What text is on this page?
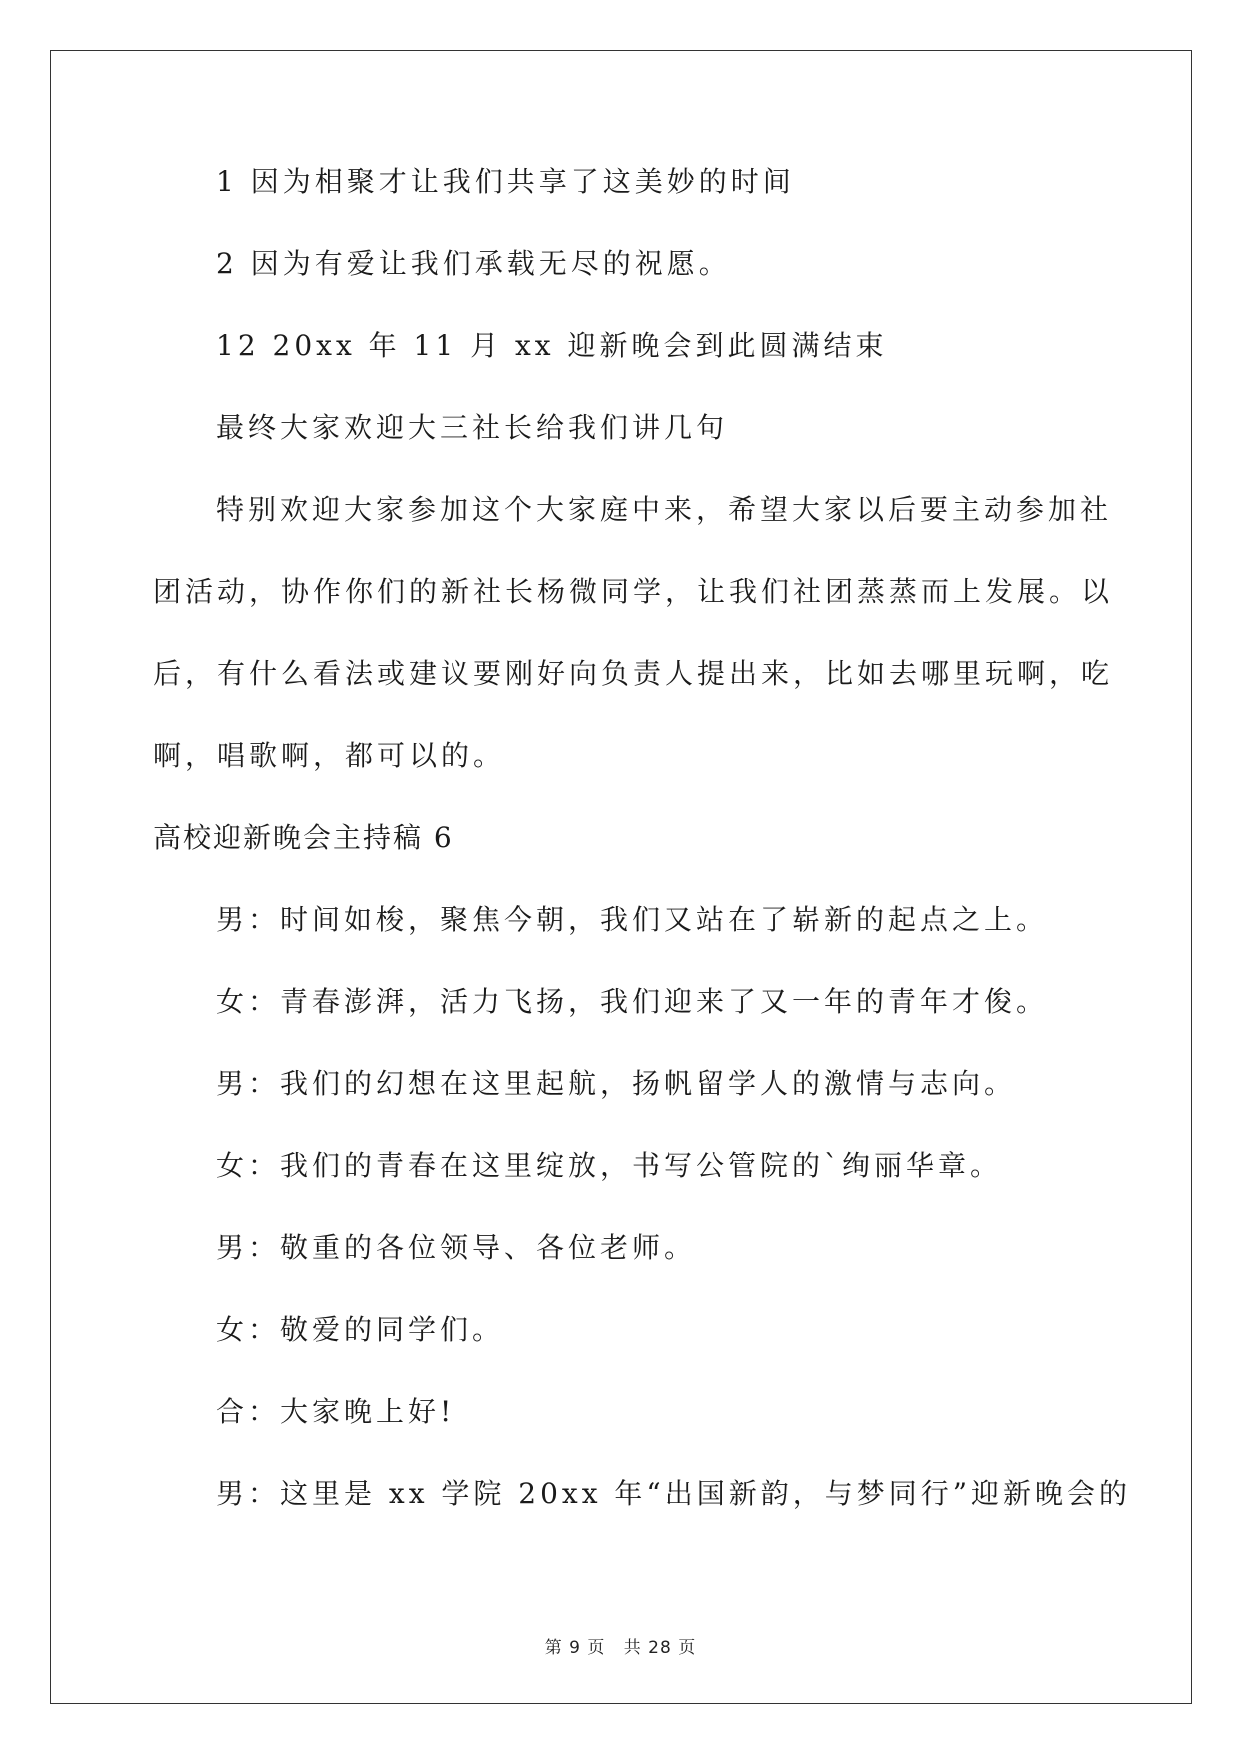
1 因为相聚才让我们共享了这美妙的时间

2 因为有爱让我们承载无尽的祝愿。

12 20xx 年 11 月 xx 迎新晚会到此圆满结束

最终大家欢迎大三社长给我们讲几句

特别欢迎大家参加这个大家庭中来，希望大家以后要主动参加社

团活动，协作你们的新社长杨微同学，让我们社团蒸蒸而上发展。以

后，有什么看法或建议要刚好向负责人提出来，比如去哪里玩啊，吃

啊，唱歌啊，都可以的。

高校迎新晚会主持稿 6

男：时间如梭，聚焦今朝，我们又站在了崭新的起点之上。

女：青春澎湃，活力飞扬，我们迎来了又一年的青年才俊。

男：我们的幻想在这里起航，扬帆留学人的激情与志向。

女：我们的青春在这里绽放，书写公管院的`绚丽华章。

男：敬重的各位领导、各位老师。

女：敬爱的同学们。

合：大家晚上好!

男：这里是 xx 学院 20xx 年“出国新韵，与梦同行”迎新晚会的

第 9 页 共 28 页
